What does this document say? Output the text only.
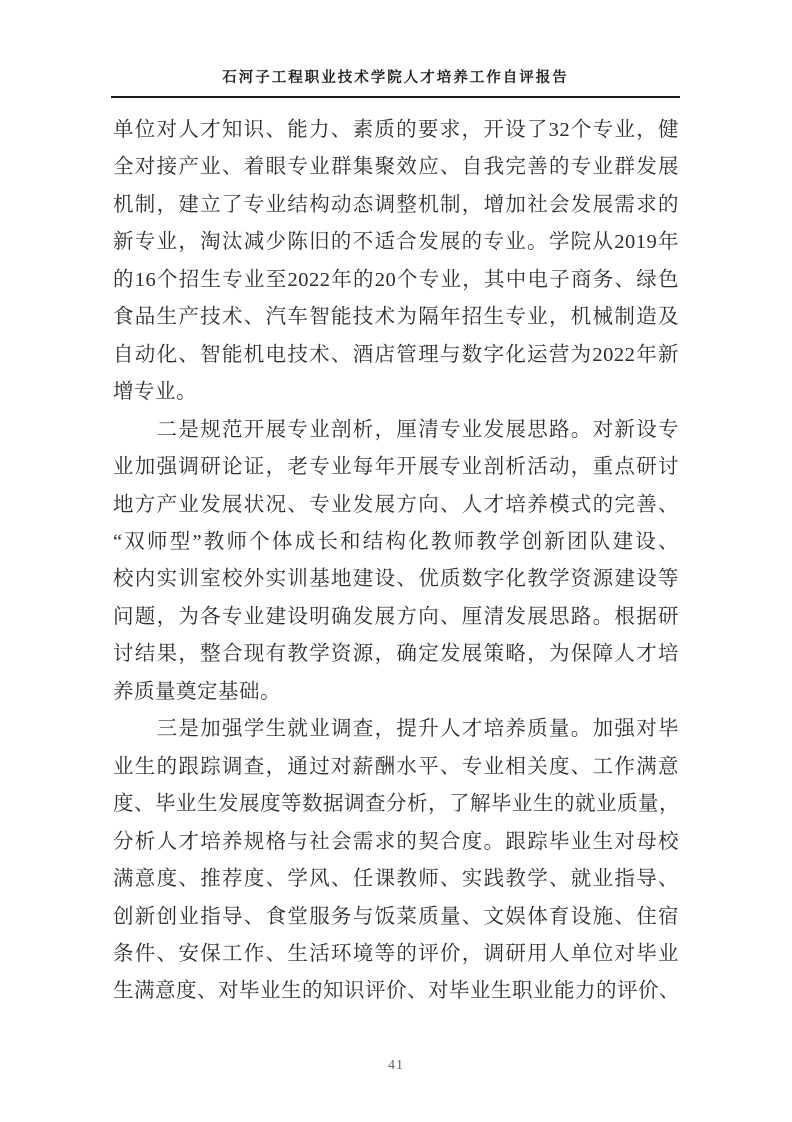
石河子工程职业技术学院人才培养工作自评报告
单位对人才知识、能力、素质的要求，开设了32个专业，健
全对接产业、着眼专业群集聚效应、自我完善的专业群发展
机制，建立了专业结构动态调整机制，增加社会发展需求的
新专业，淘汰减少陈旧的不适合发展的专业。学院从2019年
的16个招生专业至2022年的20个专业，其中电子商务、绿色
食品生产技术、汽车智能技术为隔年招生专业，机械制造及
自动化、智能机电技术、酒店管理与数字化运营为2022年新
增专业。
　　二是规范开展专业剖析，厘清专业发展思路。对新设专
业加强调研论证，老专业每年开展专业剖析活动，重点研讨
地方产业发展状况、专业发展方向、人才培养模式的完善、
“双师型”教师个体成长和结构化教师教学创新团队建设、
校内实训室校外实训基地建设、优质数字化教学资源建设等
问题，为各专业建设明确发展方向、厘清发展思路。根据研
讨结果，整合现有教学资源，确定发展策略，为保障人才培
养质量奠定基础。
　　三是加强学生就业调查，提升人才培养质量。加强对毕
业生的跟踪调查，通过对薪酬水平、专业相关度、工作满意
度、毕业生发展度等数据调查分析，了解毕业生的就业质量，
分析人才培养规格与社会需求的契合度。跟踪毕业生对母校
满意度、推荐度、学风、任课教师、实践教学、就业指导、
创新创业指导、食堂服务与饭菜质量、文娱体育设施、住宿
条件、安保工作、生活环境等的评价，调研用人单位对毕业
生满意度、对毕业生的知识评价、对毕业生职业能力的评价、
41
